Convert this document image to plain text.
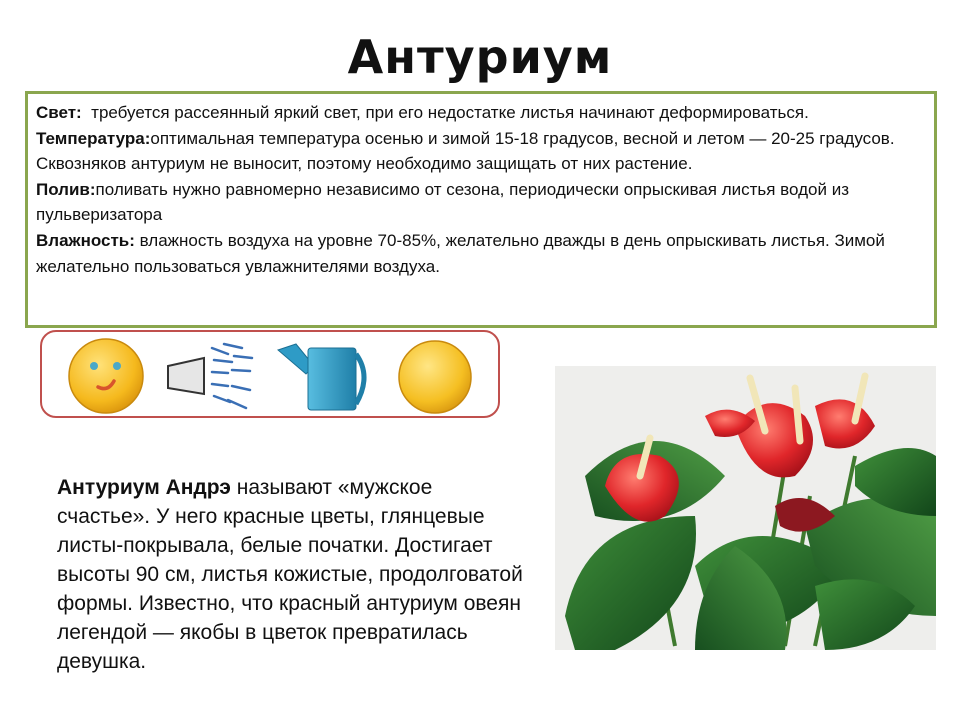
Антуриум

Свет:  требуется рассеянный яркий свет, при его недостатке листья начинают деформироваться.

Температура:оптимальная температура осенью и зимой 15-18 градусов, весной и летом — 20-25 градусов. Сквозняков антуриум не выносит, поэтому необходимо защищать от них растение.

Полив:поливать нужно равномерно независимо от сезона, периодически опрыскивая листья водой из пульверизатора

Влажность: влажность воздуха на уровне 70-85%, желательно дважды в день опрыскивать листья. Зимой желательно пользоваться увлажнителями воздуха.

Антуриум Андрэ называют «мужское счастье». У него красные цветы, глянцевые листы-покрывала, белые початки. Достигает высоты 90 см, листья кожистые, продолговатой формы. Известно, что красный антуриум овеян легендой — якобы в цветок превратилась девушка.
